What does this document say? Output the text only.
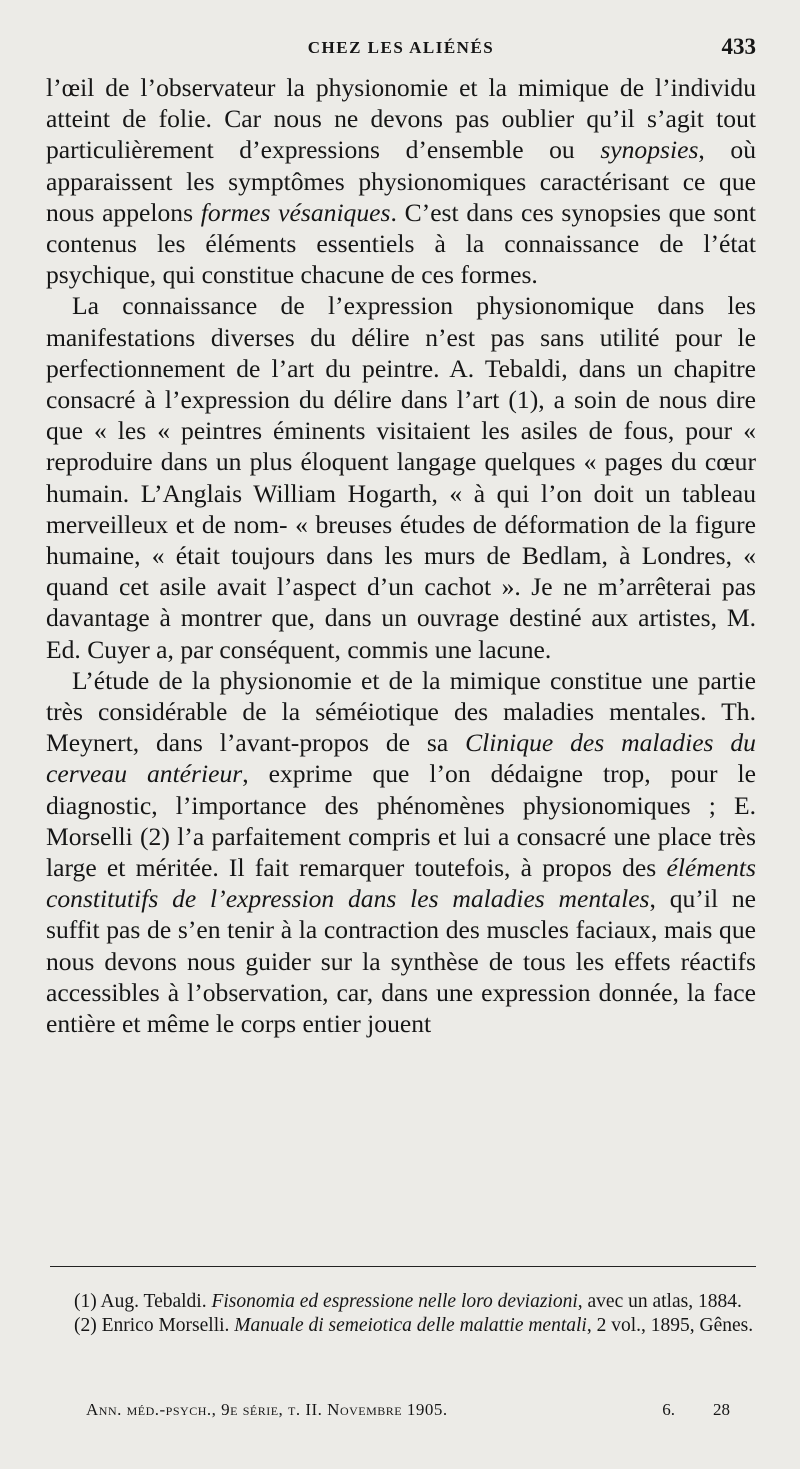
CHEZ LES ALIÉNÉS	433

l’œil de l’observateur la physionomie et la mimique de l’individu atteint de folie. Car nous ne devons pas oublier qu’il s’agit tout particulièrement d’expressions d’ensemble ou synopsies, où apparaissent les symptômes physionomiques caractérisant ce que nous appelons formes vésaniques. C’est dans ces synopsies que sont contenus les éléments essentiels à la connaissance de l’état psychique, qui constitue chacune de ces formes.

La connaissance de l’expression physionomique dans les manifestations diverses du délire n’est pas sans utilité pour le perfectionnement de l’art du peintre. A. Tebaldi, dans un chapitre consacré à l’expression du délire dans l’art (1), a soin de nous dire que « les « peintres éminents visitaient les asiles de fous, pour « reproduire dans un plus éloquent langage quelques « pages du cœur humain. L’Anglais William Hogarth, « à qui l’on doit un tableau merveilleux et de nom- « breuses études de déformation de la figure humaine, « était toujours dans les murs de Bedlam, à Londres, « quand cet asile avait l’aspect d’un cachot ». Je ne m’arrêterai pas davantage à montrer que, dans un ouvrage destiné aux artistes, M. Ed. Cuyer a, par conséquent, commis une lacune.

L’étude de la physionomie et de la mimique constitue une partie très considérable de la séméiotique des maladies mentales. Th. Meynert, dans l’avant-propos de sa Clinique des maladies du cerveau antérieur, exprime que l’on dédaigne trop, pour le diagnostic, l’importance des phénomènes physionomiques ; E. Morselli (2) l’a parfaitement compris et lui a consacré une place très large et méritée. Il fait remarquer toutefois, à propos des éléments constitutifs de l’expression dans les maladies mentales, qu’il ne suffit pas de s’en tenir à la contraction des muscles faciaux, mais que nous devons nous guider sur la synthèse de tous les effets réactifs accessibles à l’observation, car, dans une expression donnée, la face entière et même le corps entier jouent

(1) Aug. Tebaldi. Fisonomia ed espressione nelle loro deviazioni, avec un atlas, 1884.

(2) Enrico Morselli. Manuale di semeiotica delle malattie mentali, 2 vol., 1895, Gênes.

Ann. méd.-psych., 9e série, t. II. Novembre 1905.	6. 28
